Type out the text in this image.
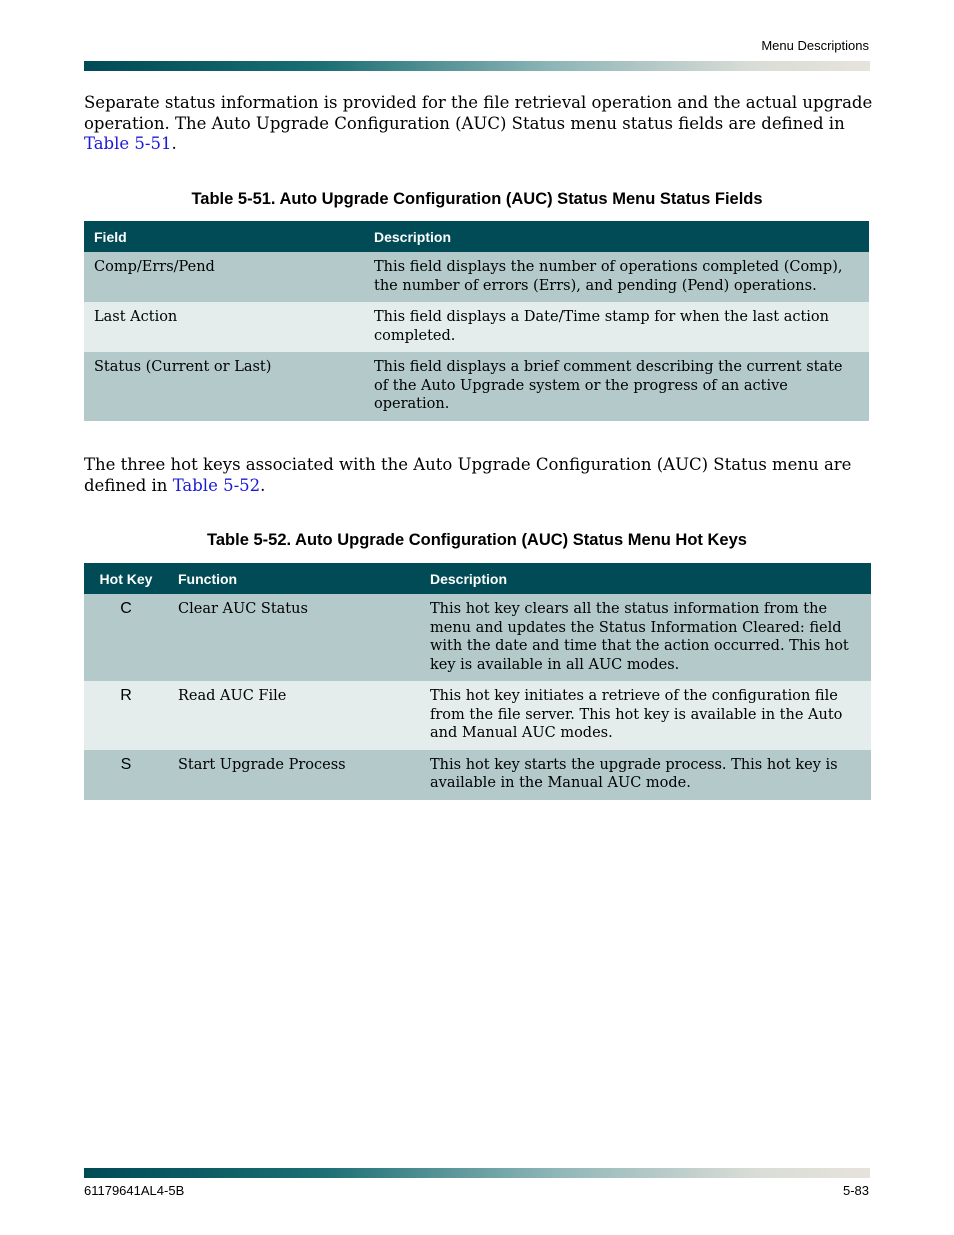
Menu Descriptions

Separate status information is provided for the file retrieval operation and the actual upgrade operation. The Auto Upgrade Configuration (AUC) Status menu status fields are defined in Table 5-51.

Table 5-51. Auto Upgrade Configuration (AUC) Status Menu Status Fields
Field	Description
Comp/Errs/Pend	This field displays the number of operations completed (Comp), the number of errors (Errs), and pending (Pend) operations.
Last Action	This field displays a Date/Time stamp for when the last action completed.
Status (Current or Last)	This field displays a brief comment describing the current state of the Auto Upgrade system or the progress of an active operation.

The three hot keys associated with the Auto Upgrade Configuration (AUC) Status menu are defined in Table 5-52.

Table 5-52. Auto Upgrade Configuration (AUC) Status Menu Hot Keys
Hot Key	Function	Description
C	Clear AUC Status	This hot key clears all the status information from the menu and updates the Status Information Cleared: field with the date and time that the action occurred. This hot key is available in all AUC modes.
R	Read AUC File	This hot key initiates a retrieve of the configuration file from the file server. This hot key is available in the Auto and Manual AUC modes.
S	Start Upgrade Process	This hot key starts the upgrade process. This hot key is available in the Manual AUC mode.
61179641AL4-5B	5-83
